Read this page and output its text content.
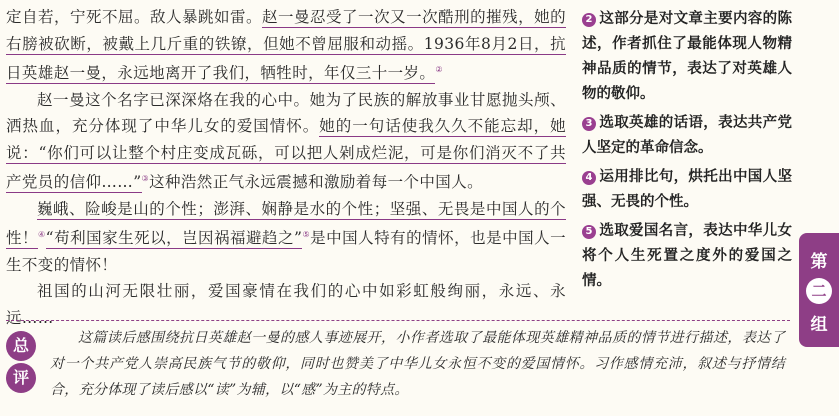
定自若，宁死不屈。敌人暴跳如雷。赵一曼忍受了一次又一次酷刑的摧残，她的右膀被砍断，被戴上几斤重的铁镣，但她不曾屈服和动摇。1936年8月2日，抗日英雄赵一曼，永远地离开了我们，牺牲时，年仅三十一岁。②

赵一曼这个名字已深深烙在我的心中。她为了民族的解放事业甘愿抛头颅、洒热血，充分体现了中华儿女的爱国情怀。她的一句话使我久久不能忘却，她说：“你们可以让整个村庄变成瓦砾，可以把人剁成烂泥，可是你们消灭不了共产党员的信仰……”③这种浩然正气永远震撼和激励着每一个中国人。

巍峨、险峻是山的个性；澎湃、娴静是水的个性；坚强、无畏是中国人的个性！④“苟利国家生死以，岂因祸福避趋之”⑤是中国人特有的情怀，也是中国人一生不变的情怀！

祖国的山河无限壮丽，爱国豪情在我们的心中如彩虹般绚丽，永远、永远……

2 这部分是对文章主要内容的陈述，作者抓住了最能体现人物精神品质的情节，表达了对英雄人物的敬仰。
3 选取英雄的话语，表达共产党人坚定的革命信念。
4 运用排比句，烘托出中国人坚强、无畏的个性。
5 选取爱国名言，表达中华儿女将个人生死置之度外的爱国之情。
第
二
组
总
评

这篇读后感围绕抗日英雄赵一曼的感人事迹展开，小作者选取了最能体现英雄精神品质的情节进行描述，表达了对一个共产党人崇高民族气节的敬仰，同时也赞美了中华儿女永恒不变的爱国情怀。习作感情充沛，叙述与抒情结合，充分体现了读后感以“读”为辅，以“感”为主的特点。
